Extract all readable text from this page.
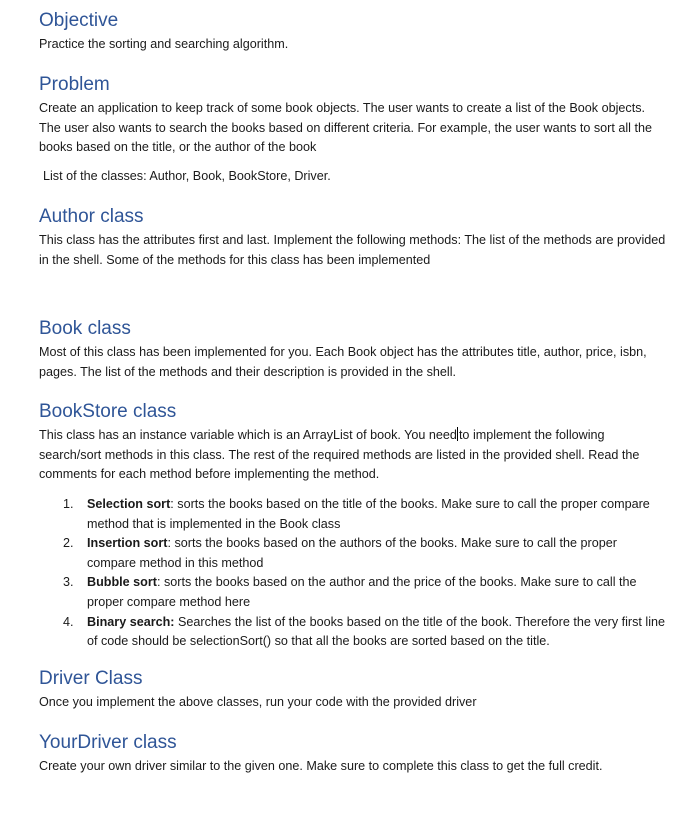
Objective
Practice the sorting and searching algorithm.
Problem
Create an application to keep track of some book objects. The user wants to create a list of the Book objects. The user also wants to search the books based on different criteria. For example, the user wants to sort all the books based on the title, or the author of the book
List of the classes: Author, Book, BookStore, Driver.
Author class
This class has the attributes first and last. Implement the following methods: The list of the methods are provided in the shell. Some of the methods for this class has been implemented
Book class
Most of this class has been implemented for you. Each Book object has the attributes title, author, price, isbn, pages. The list of the methods and their description is provided in the shell.
BookStore class
This class has an instance variable which is an ArrayList of book. You need to implement the following search/sort methods in this class. The rest of the required methods are listed in the provided shell. Read the comments for each method before implementing the method.
1. Selection sort: sorts the books based on the title of the books. Make sure to call the proper compare method that is implemented in the Book class
2. Insertion sort: sorts the books based on the authors of the books. Make sure to call the proper compare method in this method
3. Bubble sort: sorts the books based on the author and the price of the books. Make sure to call the proper compare method here
4. Binary search: Searches the list of the books based on the title of the book. Therefore the very first line of code should be selectionSort() so that all the books are sorted based on the title.
Driver Class
Once you implement the above classes, run your code with the provided driver
YourDriver class
Create your own driver similar to the given one. Make sure to complete this class to get the full credit.
